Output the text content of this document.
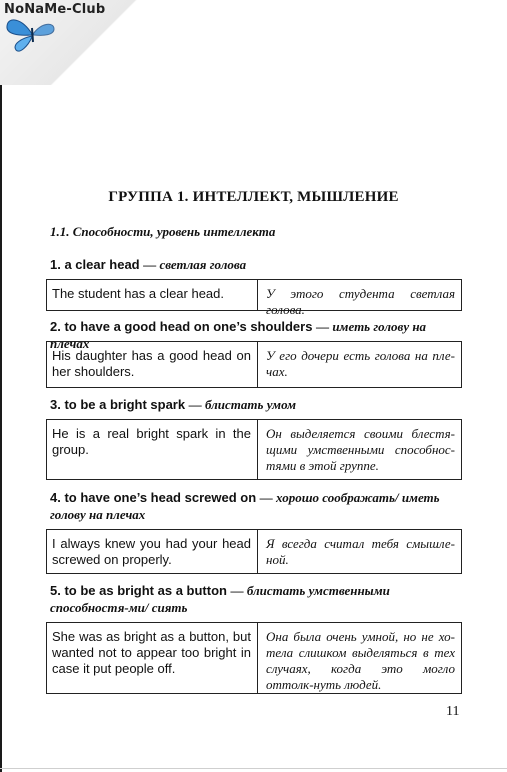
NoNaMe-Club
ГРУППА 1. ИНТЕЛЛЕКТ, МЫШЛЕНИЕ
1.1. Способности, уровень интеллекта
1. a clear head — светлая голова
The student has a clear head.	У этого студента светлая голова.
2. to have a good head on one’s shoulders — иметь голову на плечах
His daughter has a good head on her shoulders.
У его дочери есть голова на пле-чах.
3. to be a bright spark — блистать умом
He is a real bright spark in the group.
Он выделяется своими блестя-щими умственными способнос-тями в этой группе.
4. to have one’s head screwed on — хорошо соображать/ иметь голову на плечах
I always knew you had your head screwed on properly.
Я всегда считал тебя смышле-ной.
5. to be as bright as a button — блистать умственными способностя-ми/ сиять
She was as bright as a button, but wanted not to appear too bright in case it put people off.
Она была очень умной, но не хо-тела слишком выделяться в тех случаях, когда это могло оттолк-нуть людей.
11
